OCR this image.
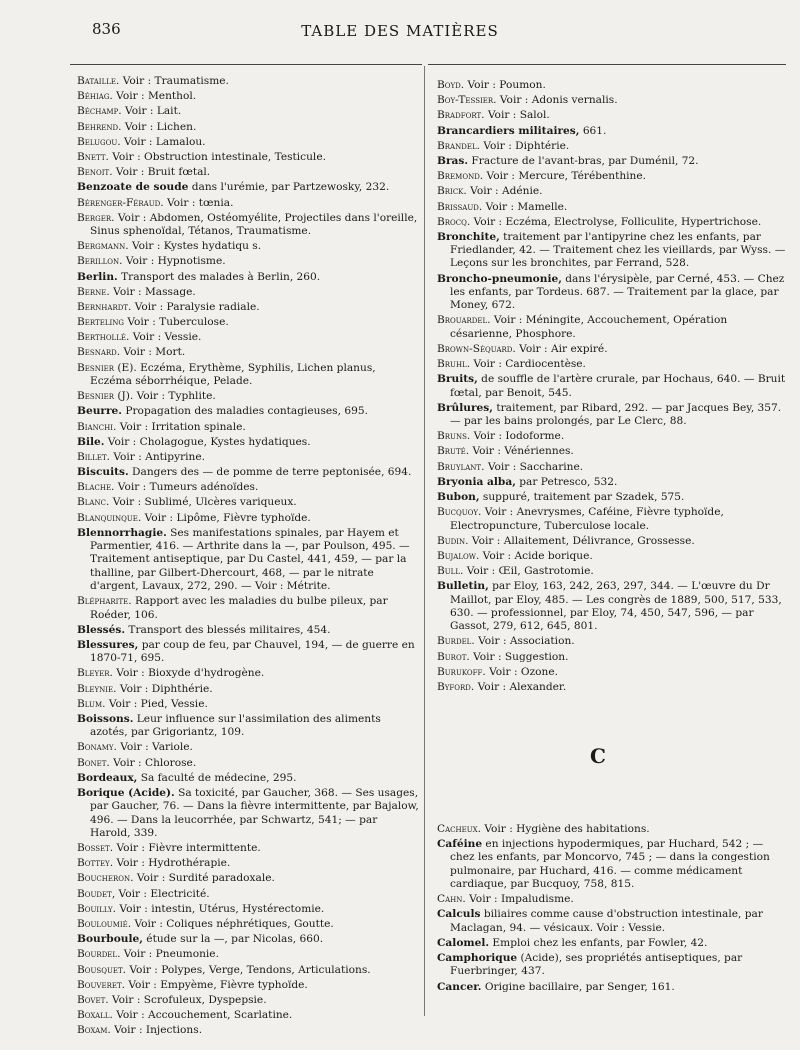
836	TABLE DES MATIÈRES
Bataille. Voir : Traumatisme.
Béhiag. Voir : Menthol.
Béchamp. Voir : Lait.
Behrend. Voir : Lichen.
Belugou. Voir : Lamalou.
Bnett. Voir : Obstruction intestinale, Testicule.
Benoit. Voir : Bruit fœtal.
Benzoate de soude dans l'urémie, par Partzewosky, 232.
Bérenger-Féraud. Voir : tœnia.
Berger. Voir : Abdomen, Ostéomyélite, Projectiles dans l'oreille, Sinus sphenoïdal, Tétanos, Traumatisme.
Bergmann. Voir : Kystes hydatiqu s.
Berillon. Voir : Hypnotisme.
Berlin. Transport des malades à Berlin, 260.
Berne. Voir : Massage.
Bernhardt. Voir : Paralysie radiale.
Berteling Voir : Tuberculose.
Berthollé. Voir : Vessie.
Besnard. Voir : Mort.
Besnier (E). Eczéma, Erythème, Syphilis, Lichen planus, Eczéma séborrhéique, Pelade.
Besnier (J). Voir : Typhlite.
Beurre. Propagation des maladies contagieuses, 695.
Bianchi. Voir : Irritation spinale.
Bile. Voir : Cholagogue, Kystes hydatiques.
Billet. Voir : Antipyrine.
Biscuits. Dangers des — de pomme de terre peptonisée, 694.
Blache. Voir : Tumeurs adénoïdes.
Blanc. Voir : Sublimé, Ulcères variqueux.
Blanquinque. Voir : Lipôme, Fièvre typhoïde.
Blennorrhagie. Ses manifestations spinales, par Hayem et Parmentier, 416. — Arthrite dans la —, par Poulson, 495. — Traitement antiseptique, par Du Castel, 441, 459, — par la thalline, par Gilbert-Dhercourt, 468, — par le nitrate d'argent, Lavaux, 272, 290. — Voir : Métrite.
Blépharite. Rapport avec les maladies du bulbe pileux, par Roéder, 106.
Blessés. Transport des blessés militaires, 454.
Blessures, par coup de feu, par Chauvel, 194, — de guerre en 1870-71, 695.
Bleyer. Voir : Bioxyde d'hydrogène.
Bleynie. Voir : Diphthérie.
Blum. Voir : Pied, Vessie.
Boissons. Leur influence sur l'assimilation des aliments azotés, par Grigoriantz, 109.
Bonamy. Voir : Variole.
Bonet. Voir : Chlorose.
Bordeaux, Sa faculté de médecine, 295.
Borique (Acide). Sa toxicité, par Gaucher, 368. — Ses usages, par Gaucher, 76. — Dans la fièvre intermittente, par Bajalow, 496. — Dans la leucorrhée, par Schwartz, 541; — par Harold, 339.
Bosset. Voir : Fièvre intermittente.
Bottey. Voir : Hydrothérapie.
Boucheron. Voir : Surdité paradoxale.
Boudet, Voir : Electricité.
Bouilly. Voir : intestin, Utérus, Hystérectomie.
Bouloumié. Voir : Coliques néphrétiques, Goutte.
Bourboule, étude sur la —, par Nicolas, 660.
Bourdel. Voir : Pneumonie.
Bousquet. Voir : Polypes, Verge, Tendons, Articulations.
Bouveret. Voir : Empyème, Fièvre typhoïde.
Bovet. Voir : Scrofuleux, Dyspepsie.
Boxall. Voir : Accouchement, Scarlatine.
Boxam. Voir : Injections.
Boyd. Voir : Poumon.
Boy-Tessier. Voir : Adonis vernalis.
Bradfort. Voir : Salol.
Brancardiers militaires, 661.
Brandel. Voir : Diphtérie.
Bras. Fracture de l'avant-bras, par Duménil, 72.
Bremond. Voir : Mercure, Térébenthine.
Brick. Voir : Adénie.
Brissaud. Voir : Mamelle.
Brocq. Voir : Eczéma, Electrolyse, Folliculite, Hypertrichose.
Bronchite, traitement par l'antipyrine chez les enfants, par Friedlander, 42. — Traitement chez les vieillards, par Wyss. — Leçons sur les bronchites, par Ferrand, 528.
Broncho-pneumonie, dans l'érysipèle, par Cerné, 453. — Chez les enfants, par Tordeus. 687. — Traitement par la glace, par Money, 672.
Brouardel. Voir : Méningite, Accouchement, Opération césarienne, Phosphore.
Brown-Séquard. Voir : Air expiré.
Bruhl. Voir : Cardiocentèse.
Bruits, de souffle de l'artère crurale, par Hochaus, 640. — Bruit fœtal, par Benoit, 545.
Brûlures, traitement, par Ribard, 292. — par Jacques Bey, 357. — par les bains prolongés, par Le Clerc, 88.
Bruns. Voir : Iodoforme.
Bruté. Voir : Vénériennes.
Bruylant. Voir : Saccharine.
Bryonia alba, par Petresco, 532.
Bubon, suppuré, traitement par Szadek, 575.
Bucquoy. Voir : Anevrysmes, Caféine, Fièvre typhoïde, Electropuncture, Tuberculose locale.
Budin. Voir : Allaitement, Délivrance, Grossesse.
Bujalow. Voir : Acide borique.
Bull. Voir : Œil, Gastrotomie.
Bulletin, par Eloy, 163, 242, 263, 297, 344. — L'œuvre du Dr Maillot, par Eloy, 485. — Les congrès de 1889, 500, 517, 533, 630. — professionnel, par Eloy, 74, 450, 547, 596, — par Gassot, 279, 612, 645, 801.
Burdel. Voir : Association.
Burot. Voir : Suggestion.
Burukoff. Voir : Ozone.
Byford. Voir : Alexander.
C
Cacheux. Voir : Hygiène des habitations.
Caféine en injections hypodermiques, par Huchard, 542 ; — chez les enfants, par Moncorvo, 745 ; — dans la congestion pulmonaire, par Huchard, 416. — comme médicament cardiaque, par Bucquoy, 758, 815.
Cahn. Voir : Impaludisme.
Calculs biliaires comme cause d'obstruction intestinale, par Maclagan, 94. — vésicaux. Voir : Vessie.
Calomel. Emploi chez les enfants, par Fowler, 42.
Camphorique (Acide), ses propriétés antiseptiques, par Fuerbringer, 437.
Cancer. Origine bacillaire, par Senger, 161.
